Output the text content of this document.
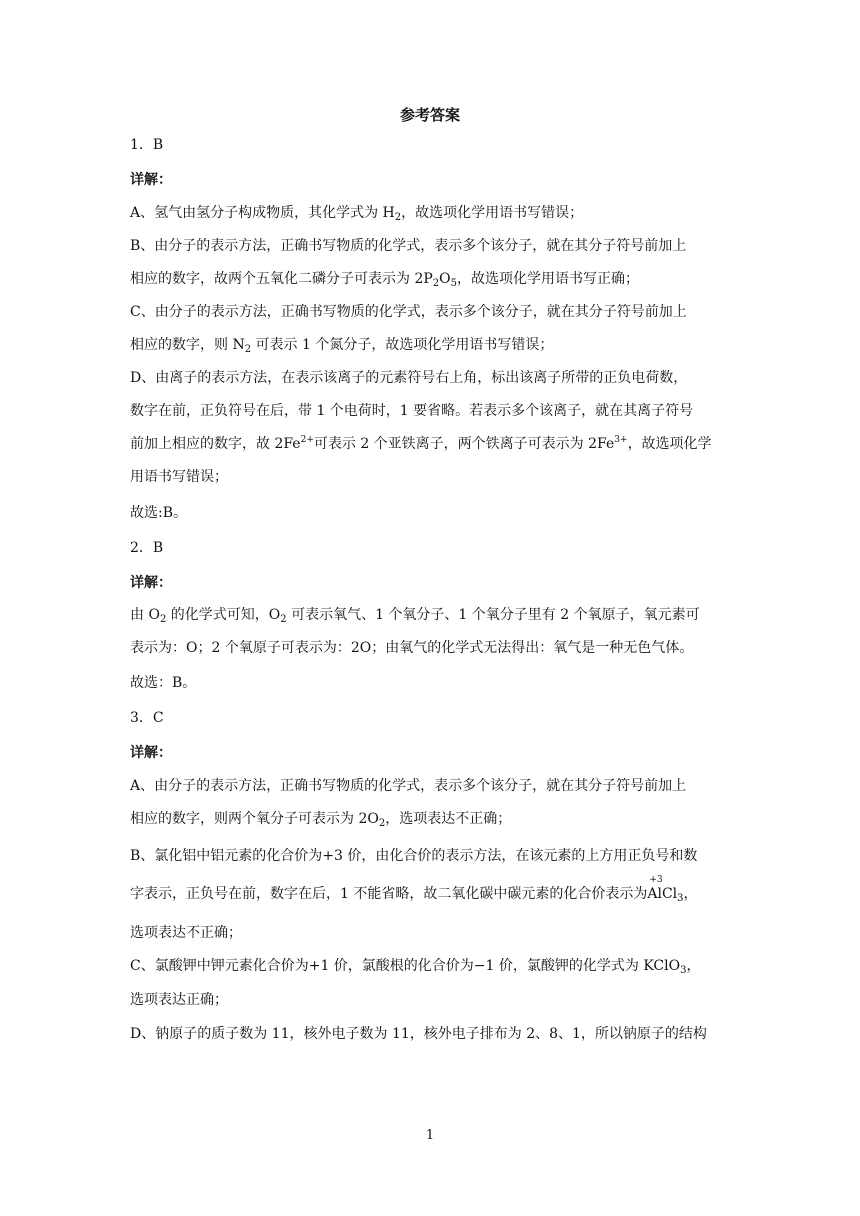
参考答案
1．B
详解：
A、氢气由氢分子构成物质，其化学式为 $H_2$，故选项化学用语书写错误；
B、由分子的表示方法，正确书写物质的化学式，表示多个该分子，就在其分子符号前加上
相应的数字，故两个五氧化二磷分子可表示为 $2P_2O_5$，故选项化学用语书写正确；
C、由分子的表示方法，正确书写物质的化学式，表示多个该分子，就在其分子符号前加上
相应的数字，则 $N_2$ 可表示 1 个氮分子，故选项化学用语书写错误；
D、由离子的表示方法，在表示该离子的元素符号右上角，标出该离子所带的正负电荷数，
数字在前，正负符号在后，带 1 个电荷时，1 要省略。若表示多个该离子，就在其离子符号
前加上相应的数字，故 $2Fe^{2+}$可表示 2 个亚铁离子，两个铁离子可表示为 $2Fe^{3+}$，故选项化学
用语书写错误；
故选:B。
2．B
详解：
由 $O_2$ 的化学式可知，$O_2$ 可表示氧气、1 个氧分子、1 个氧分子里有 2 个氧原子，氧元素可
表示为：O；2 个氧原子可表示为：2O；由氧气的化学式无法得出：氧气是一种无色气体。
故选：B。
3．C
详解：
A、由分子的表示方法，正确书写物质的化学式，表示多个该分子，就在其分子符号前加上
相应的数字，则两个氧分子可表示为 $2O_2$，选项表达不正确；
B、氯化铝中铝元素的化合价为+3 价，由化合价的表示方法，在该元素的上方用正负号和数
字表示，正负号在前，数字在后，1 不能省略，故二氧化碳中碳元素的化合价表示为
+3
AlCl$_3$，
选项表达不正确；
C、氯酸钾中钾元素化合价为+1 价，氯酸根的化合价为−1 价，氯酸钾的化学式为 KClO$_3$，
选项表达正确；
D、钠原子的质子数为 11，核外电子数为 11，核外电子排布为 2、8、1，所以钠原子的结构
1
